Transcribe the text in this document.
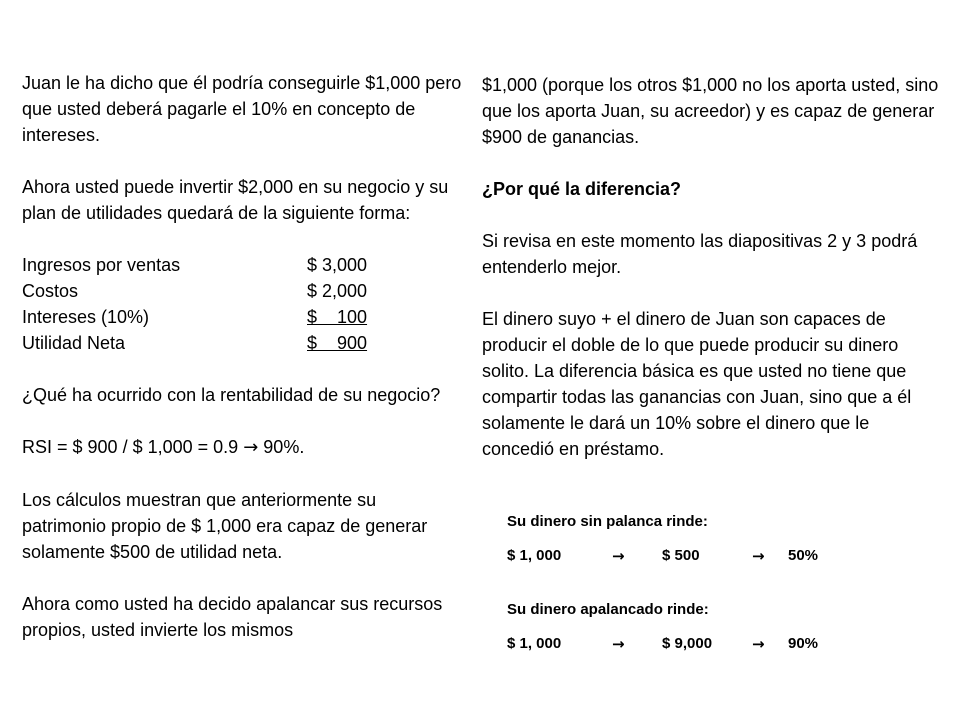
Juan le ha dicho que él podría conseguirle $1,000 pero que usted deberá pagarle el 10% en concepto de intereses.

Ahora usted puede invertir $2,000 en su negocio y su plan de utilidades quedará de la siguiente forma:

Ingresos por ventas	$ 3,000
Costos	$ 2,000
Intereses (10%)	$    100
Utilidad Neta	$    900

¿Qué ha ocurrido con la rentabilidad de su negocio?

RSI = $ 900 / $ 1,000 = 0.9 → 90%.

Los cálculos muestran que anteriormente su patrimonio propio de $ 1,000 era capaz de generar solamente $500 de utilidad neta.

Ahora como usted ha decido apalancar sus recursos propios, usted invierte los mismos

$1,000 (porque los otros $1,000 no los aporta usted, sino que los aporta Juan, su acreedor) y es capaz de generar $900 de ganancias.

¿Por qué la diferencia?

Si revisa en este momento las diapositivas 2 y 3 podrá entenderlo mejor.

El dinero suyo + el dinero de Juan son capaces de producir el doble de lo que puede producir su dinero solito. La diferencia básica es que usted no tiene que compartir todas las ganancias con Juan, sino que a él solamente le dará un 10% sobre el dinero que le concedió en préstamo.

Su dinero sin palanca rinde:
$ 1, 000	→	$ 500	→	50%
Su dinero apalancado rinde:
$ 1, 000	→	$ 9,000	→	90%
